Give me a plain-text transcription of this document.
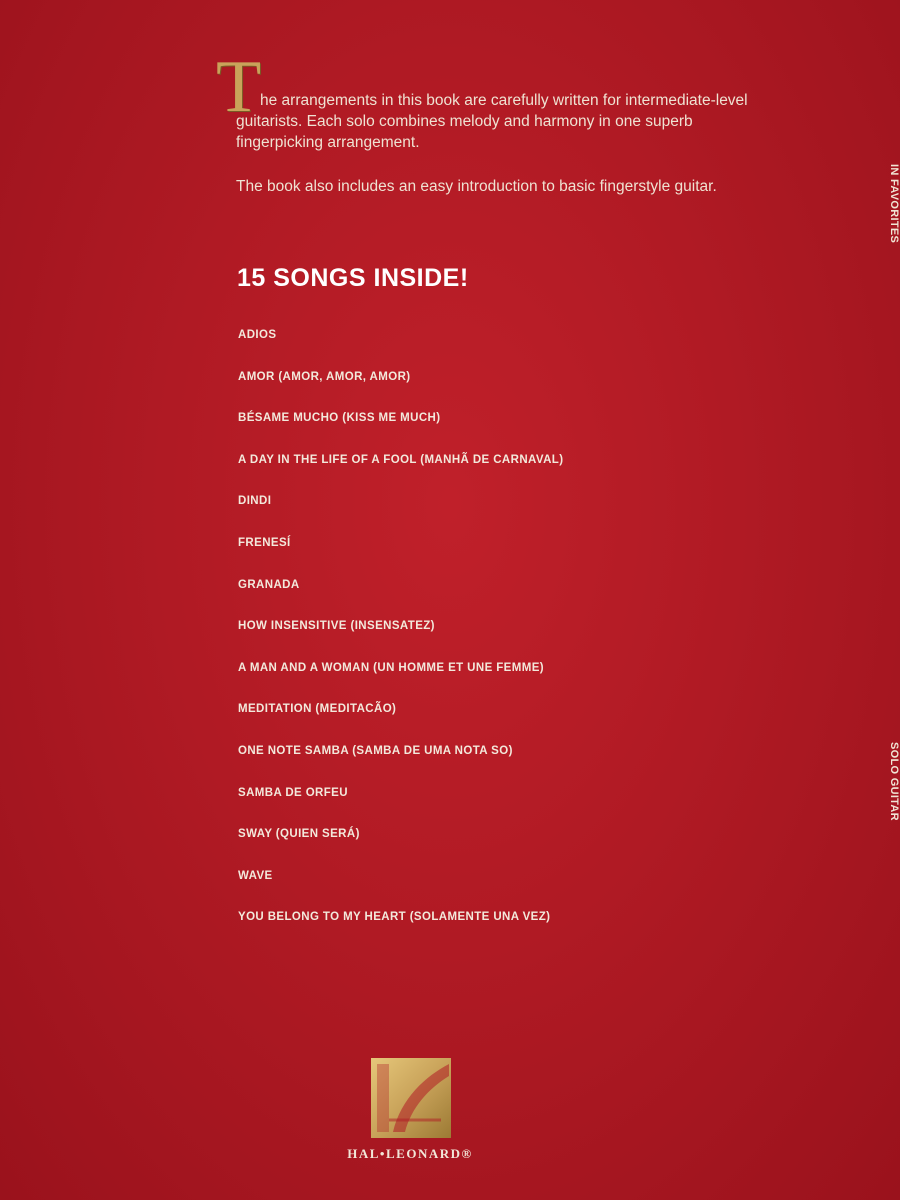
T

he arrangements in this book are carefully written for intermediate-level guitarists. Each solo combines melody and harmony in one superb fingerpicking arrangement.

The book also includes an easy introduction to basic fingerstyle guitar.

15 SONGS INSIDE!
ADIOS
AMOR (AMOR, AMOR, AMOR)
BÉSAME MUCHO (KISS ME MUCH)
A DAY IN THE LIFE OF A FOOL (MANHÃ DE CARNAVAL)
DINDI
FRENESÍ
GRANADA
HOW INSENSITIVE (INSENSATEZ)
A MAN AND A WOMAN (UN HOMME ET UNE FEMME)
MEDITATION (MEDITACÃO)
ONE NOTE SAMBA (SAMBA DE UMA NOTA SO)
SAMBA DE ORFEU
SWAY (QUIEN SERÁ)
WAVE
YOU BELONG TO MY HEART (SOLAMENTE UNA VEZ)
IN FAVORITES
SOLO GUITAR
HAL•LEONARD®
